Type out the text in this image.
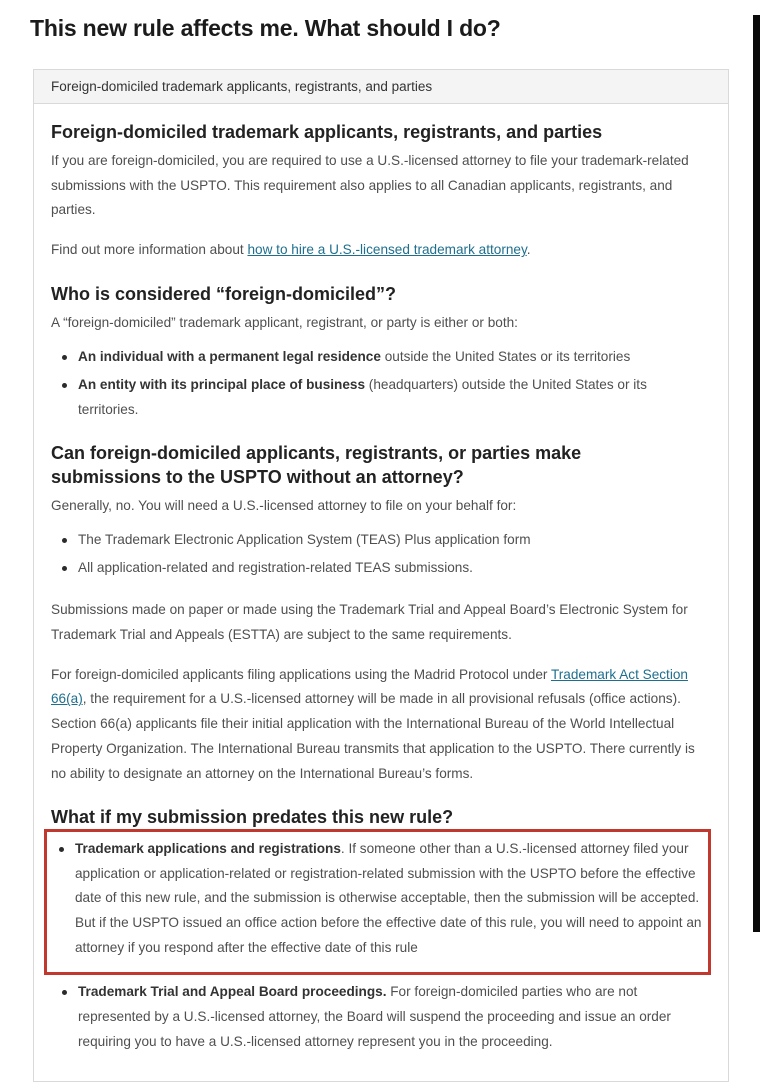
This new rule affects me. What should I do?
Foreign-domiciled trademark applicants, registrants, and parties
Foreign-domiciled trademark applicants, registrants, and parties

If you are foreign-domiciled, you are required to use a U.S.-licensed attorney to file your trademark-related submissions with the USPTO. This requirement also applies to all Canadian applicants, registrants, and parties.

Find out more information about how to hire a U.S.-licensed trademark attorney.

Who is considered “foreign-domiciled”?

A “foreign-domiciled” trademark applicant, registrant, or party is either or both:

An individual with a permanent legal residence outside the United States or its territories
An entity with its principal place of business (headquarters) outside the United States or its territories.
Can foreign-domiciled applicants, registrants, or parties make submissions to the USPTO without an attorney?

Generally, no. You will need a U.S.-licensed attorney to file on your behalf for:

The Trademark Electronic Application System (TEAS) Plus application form
All application-related and registration-related TEAS submissions.

Submissions made on paper or made using the Trademark Trial and Appeal Board’s Electronic System for Trademark Trial and Appeals (ESTTA) are subject to the same requirements.

For foreign-domiciled applicants filing applications using the Madrid Protocol under Trademark Act Section 66(a), the requirement for a U.S.-licensed attorney will be made in all provisional refusals (office actions). Section 66(a) applicants file their initial application with the International Bureau of the World Intellectual Property Organization. The International Bureau transmits that application to the USPTO. There currently is no ability to designate an attorney on the International Bureau’s forms.

What if my submission predates this new rule?
Trademark applications and registrations. If someone other than a U.S.-licensed attorney filed your application or application-related or registration-related submission with the USPTO before the effective date of this new rule, and the submission is otherwise acceptable, then the submission will be accepted. But if the USPTO issued an office action before the effective date of this rule, you will need to appoint an attorney if you respond after the effective date of this rule
Trademark Trial and Appeal Board proceedings. For foreign-domiciled parties who are not represented by a U.S.-licensed attorney, the Board will suspend the proceeding and issue an order requiring you to have a U.S.-licensed attorney represent you in the proceeding.
